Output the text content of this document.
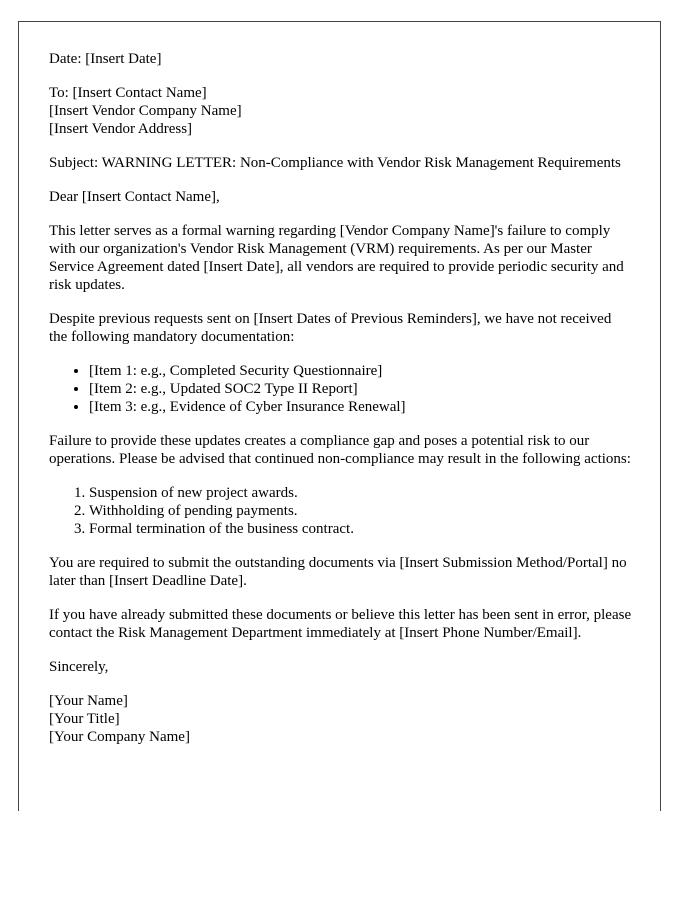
Date: [Insert Date]

To: [Insert Contact Name]
[Insert Vendor Company Name]
[Insert Vendor Address]

Subject: WARNING LETTER: Non-Compliance with Vendor Risk Management Requirements

Dear [Insert Contact Name],

This letter serves as a formal warning regarding [Vendor Company Name]'s failure to comply with our organization's Vendor Risk Management (VRM) requirements. As per our Master Service Agreement dated [Insert Date], all vendors are required to provide periodic security and risk updates.

Despite previous requests sent on [Insert Dates of Previous Reminders], we have not received the following mandatory documentation:

• [Item 1: e.g., Completed Security Questionnaire]
• [Item 2: e.g., Updated SOC2 Type II Report]
• [Item 3: e.g., Evidence of Cyber Insurance Renewal]

Failure to provide these updates creates a compliance gap and poses a potential risk to our operations. Please be advised that continued non-compliance may result in the following actions:

1. Suspension of new project awards.
2. Withholding of pending payments.
3. Formal termination of the business contract.

You are required to submit the outstanding documents via [Insert Submission Method/Portal] no later than [Insert Deadline Date].

If you have already submitted these documents or believe this letter has been sent in error, please contact the Risk Management Department immediately at [Insert Phone Number/Email].

Sincerely,

[Your Name]

[Your Title]

[Your Company Name]
